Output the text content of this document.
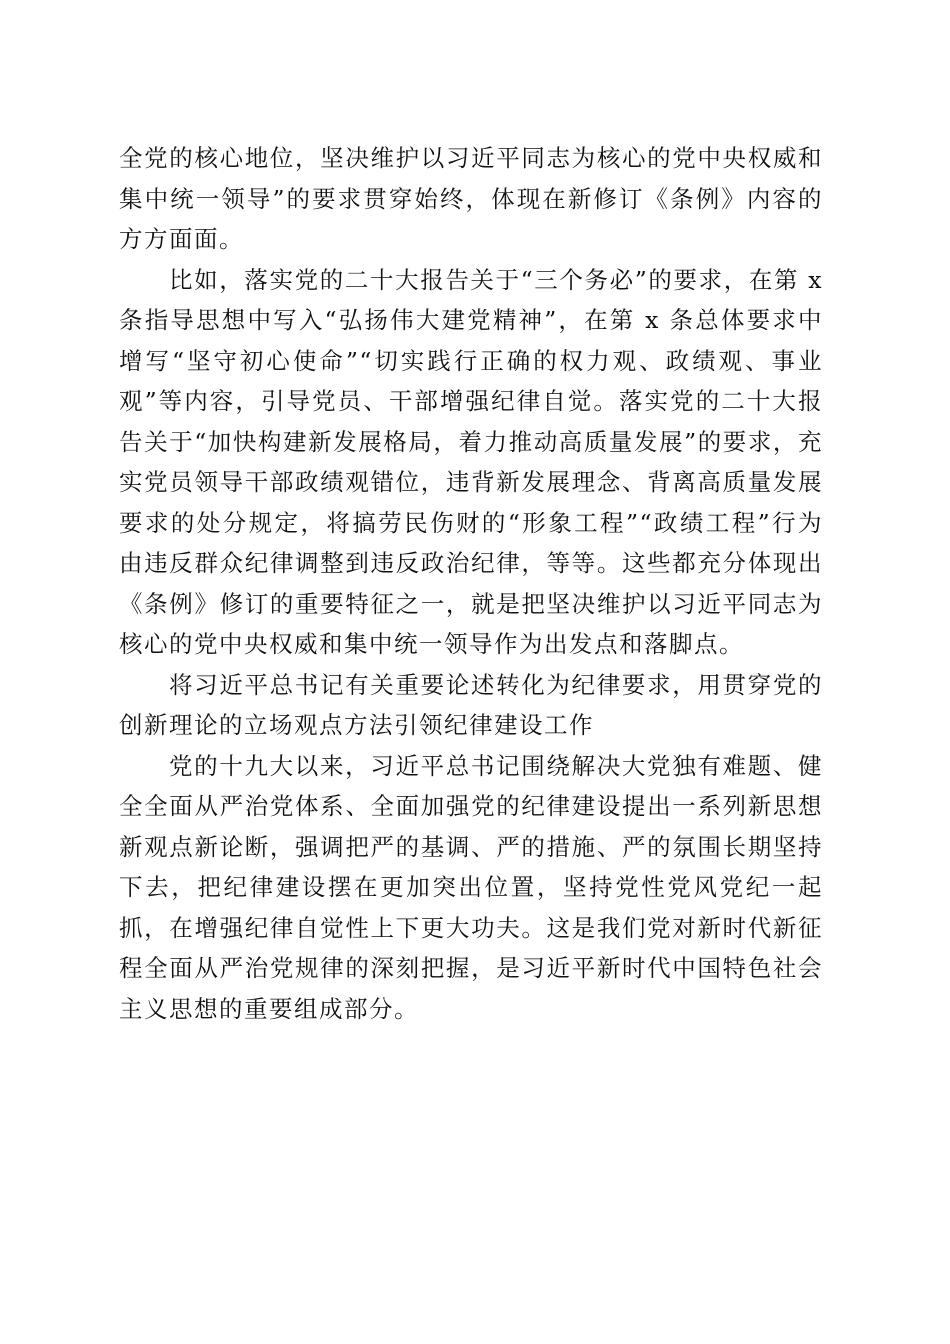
全党的核心地位，坚决维护以习近平同志为核心的党中央权威和集中统一领导”的要求贯穿始终，体现在新修订《条例》内容的方方面面。

比如，落实党的二十大报告关于“三个务必”的要求，在第 x 条指导思想中写入“弘扬伟大建党精神”，在第 x 条总体要求中增写“坚守初心使命”“切实践行正确的权力观、政绩观、事业观”等内容，引导党员、干部增强纪律自觉。落实党的二十大报告关于“加快构建新发展格局，着力推动高质量发展”的要求，充实党员领导干部政绩观错位，违背新发展理念、背离高质量发展要求的处分规定，将搞劳民伤财的“形象工程”“政绩工程”行为由违反群众纪律调整到违反政治纪律，等等。这些都充分体现出《条例》修订的重要特征之一，就是把坚决维护以习近平同志为核心的党中央权威和集中统一领导作为出发点和落脚点。

将习近平总书记有关重要论述转化为纪律要求，用贯穿党的创新理论的立场观点方法引领纪律建设工作

党的十九大以来，习近平总书记围绕解决大党独有难题、健全全面从严治党体系、全面加强党的纪律建设提出一系列新思想新观点新论断，强调把严的基调、严的措施、严的氛围长期坚持下去，把纪律建设摆在更加突出位置，坚持党性党风党纪一起抓，在增强纪律自觉性上下更大功夫。这是我们党对新时代新征程全面从严治党规律的深刻把握，是习近平新时代中国特色社会主义思想的重要组成部分。
